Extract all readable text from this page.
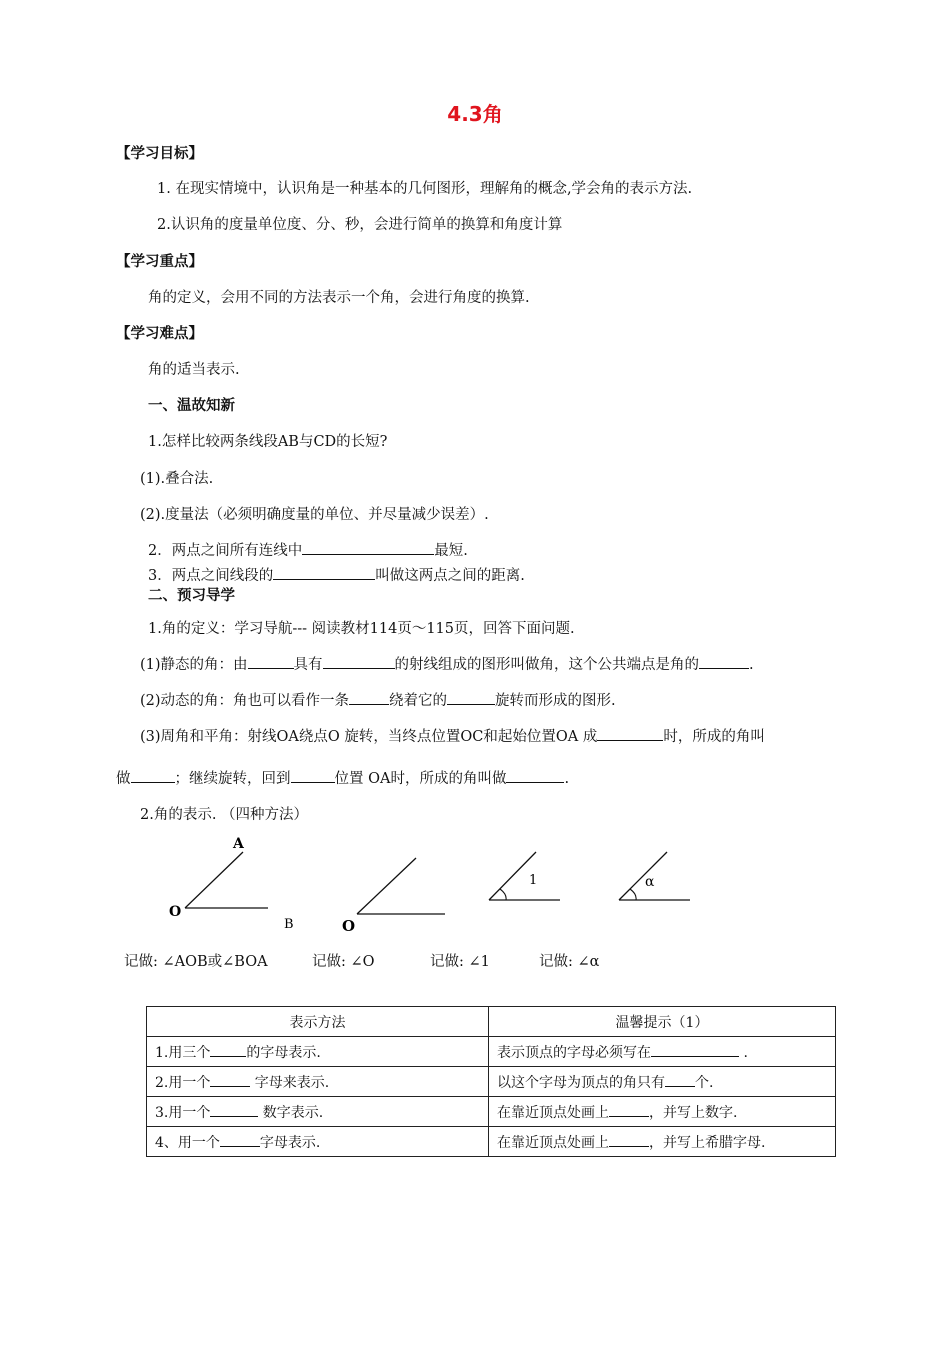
4.3角
【学习目标】
1. 在现实情境中，认识角是一种基本的几何图形，理解角的概念,学会角的表示方法.
2.认识角的度量单位度、分、秒，会进行简单的换算和角度计算
【学习重点】
角的定义，会用不同的方法表示一个角，会进行角度的换算.
【学习难点】
角的适当表示.
一、温故知新
1.怎样比较两条线段AB与CD的长短?
(1).叠合法.
(2).度量法（必须明确度量的单位、并尽量减少误差）.
2．两点之间所有连线中	最短.
3．两点之间线段的	叫做这两点之间的距离.
二、预习导学
1.角的定义：学习导航--- 阅读教材114页～115页，回答下面问题.
(1)静态的角：由	具有	的射线组成的图形叫做角，这个公共端点是角的	.
(2)动态的角：角也可以看作一条	绕着它的	旋转而形成的图形.
(3)周角和平角：射线OA绕点O 旋转，当终点位置OC和起始位置OA 成	时，所成的角叫
做	；继续旋转，回到	位置 OA时，所成的角叫做	.
2.角的表示. （四种方法）
A
O
B	O
1	α
记做: ∠AOB或∠BOA	记做: ∠O	记做: ∠1	记做: ∠α
表示方法	温馨提示（1）
1.用三个 的字母表示.	表示顶点的字母必须写在 .
2.用一个 字母来表示.	以这个字母为顶点的角只有 个.
3.用一个 数字表示.	在靠近顶点处画上 ，并写上数字.
4、用一个 字母表示.	在靠近顶点处画上 ，并写上希腊字母.
